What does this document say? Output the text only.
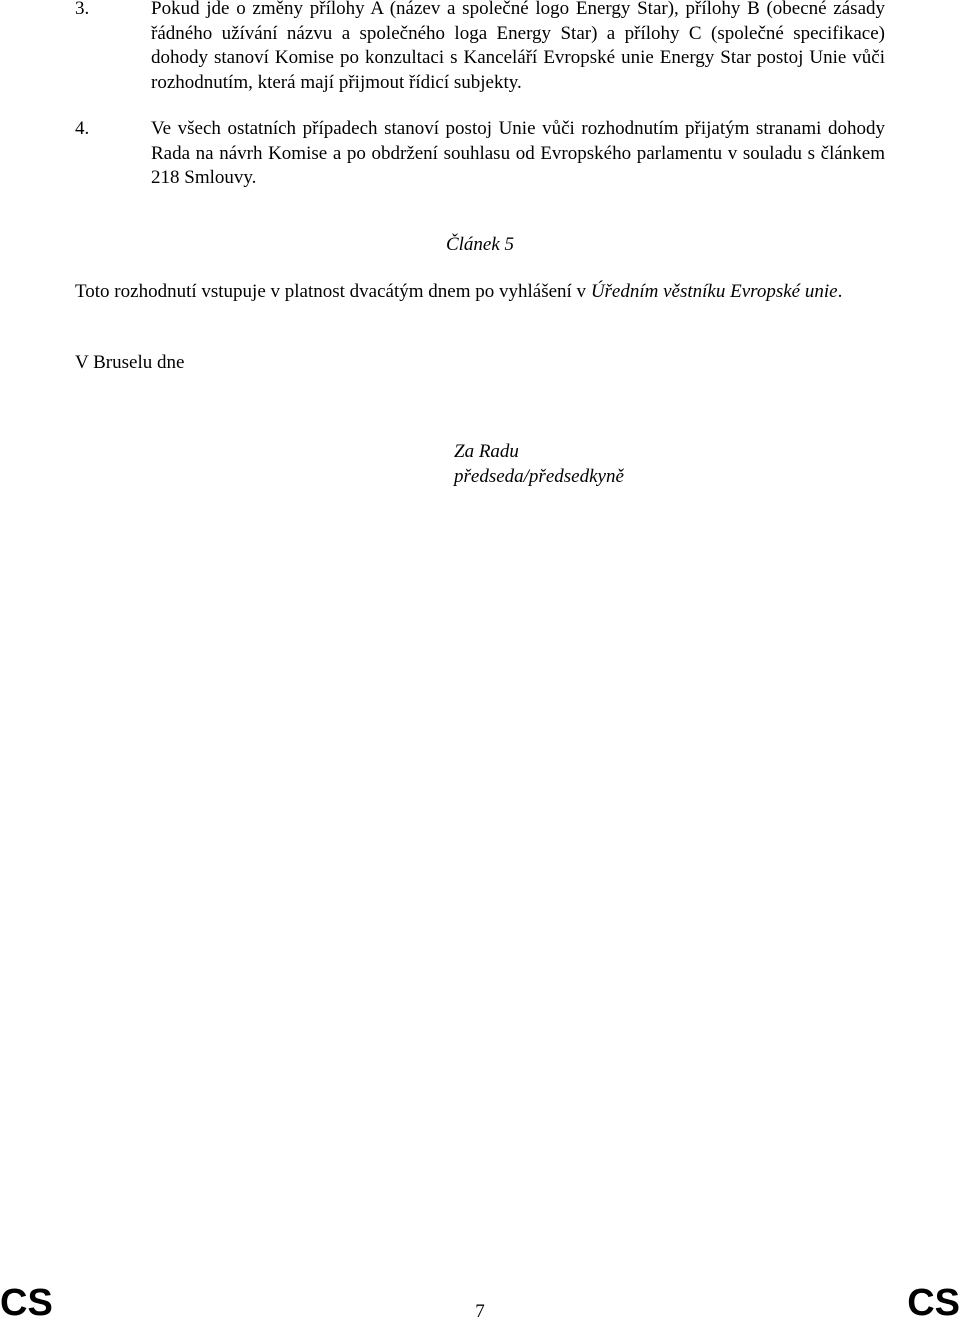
3.	Pokud jde o změny přílohy A (název a společné logo Energy Star), přílohy B (obecné zásady řádného užívání názvu a společného loga Energy Star) a přílohy C (společné specifikace) dohody stanoví Komise po konzultaci s Kanceláří Evropské unie Energy Star postoj Unie vůči rozhodnutím, která mají přijmout řídicí subjekty.
4.	Ve všech ostatních případech stanoví postoj Unie vůči rozhodnutím přijatým stranami dohody Rada na návrh Komise a po obdržení souhlasu od Evropského parlamentu v souladu s článkem 218 Smlouvy.
Článek 5
Toto rozhodnutí vstupuje v platnost dvacátým dnem po vyhlášení v Úředním věstníku Evropské unie.
V Bruselu dne
Za Radu
předseda/předsedkyně
CS	7	CS
